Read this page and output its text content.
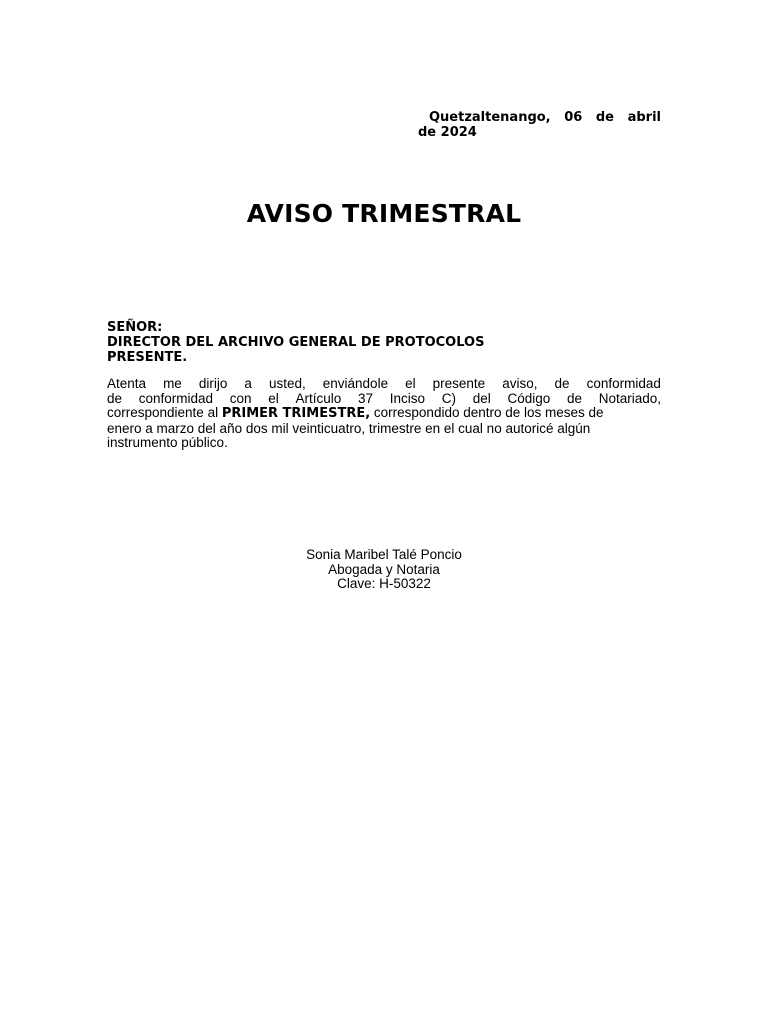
Quetzaltenango, 06 de abril
de 2024
AVISO TRIMESTRAL
SEÑOR:
DIRECTOR DEL ARCHIVO GENERAL DE PROTOCOLOS
PRESENTE.
Atenta me dirijo a usted, enviándole el presente aviso, de conformidad
de conformidad con el Artículo 37 Inciso C) del Código de Notariado,
correspondiente al PRIMER TRIMESTRE, correspondido dentro de los meses de
enero a marzo del año dos mil veinticuatro, trimestre en el cual no autoricé algún
instrumento público.
Sonia Maribel Talé Poncio
Abogada y Notaria
Clave: H-50322
